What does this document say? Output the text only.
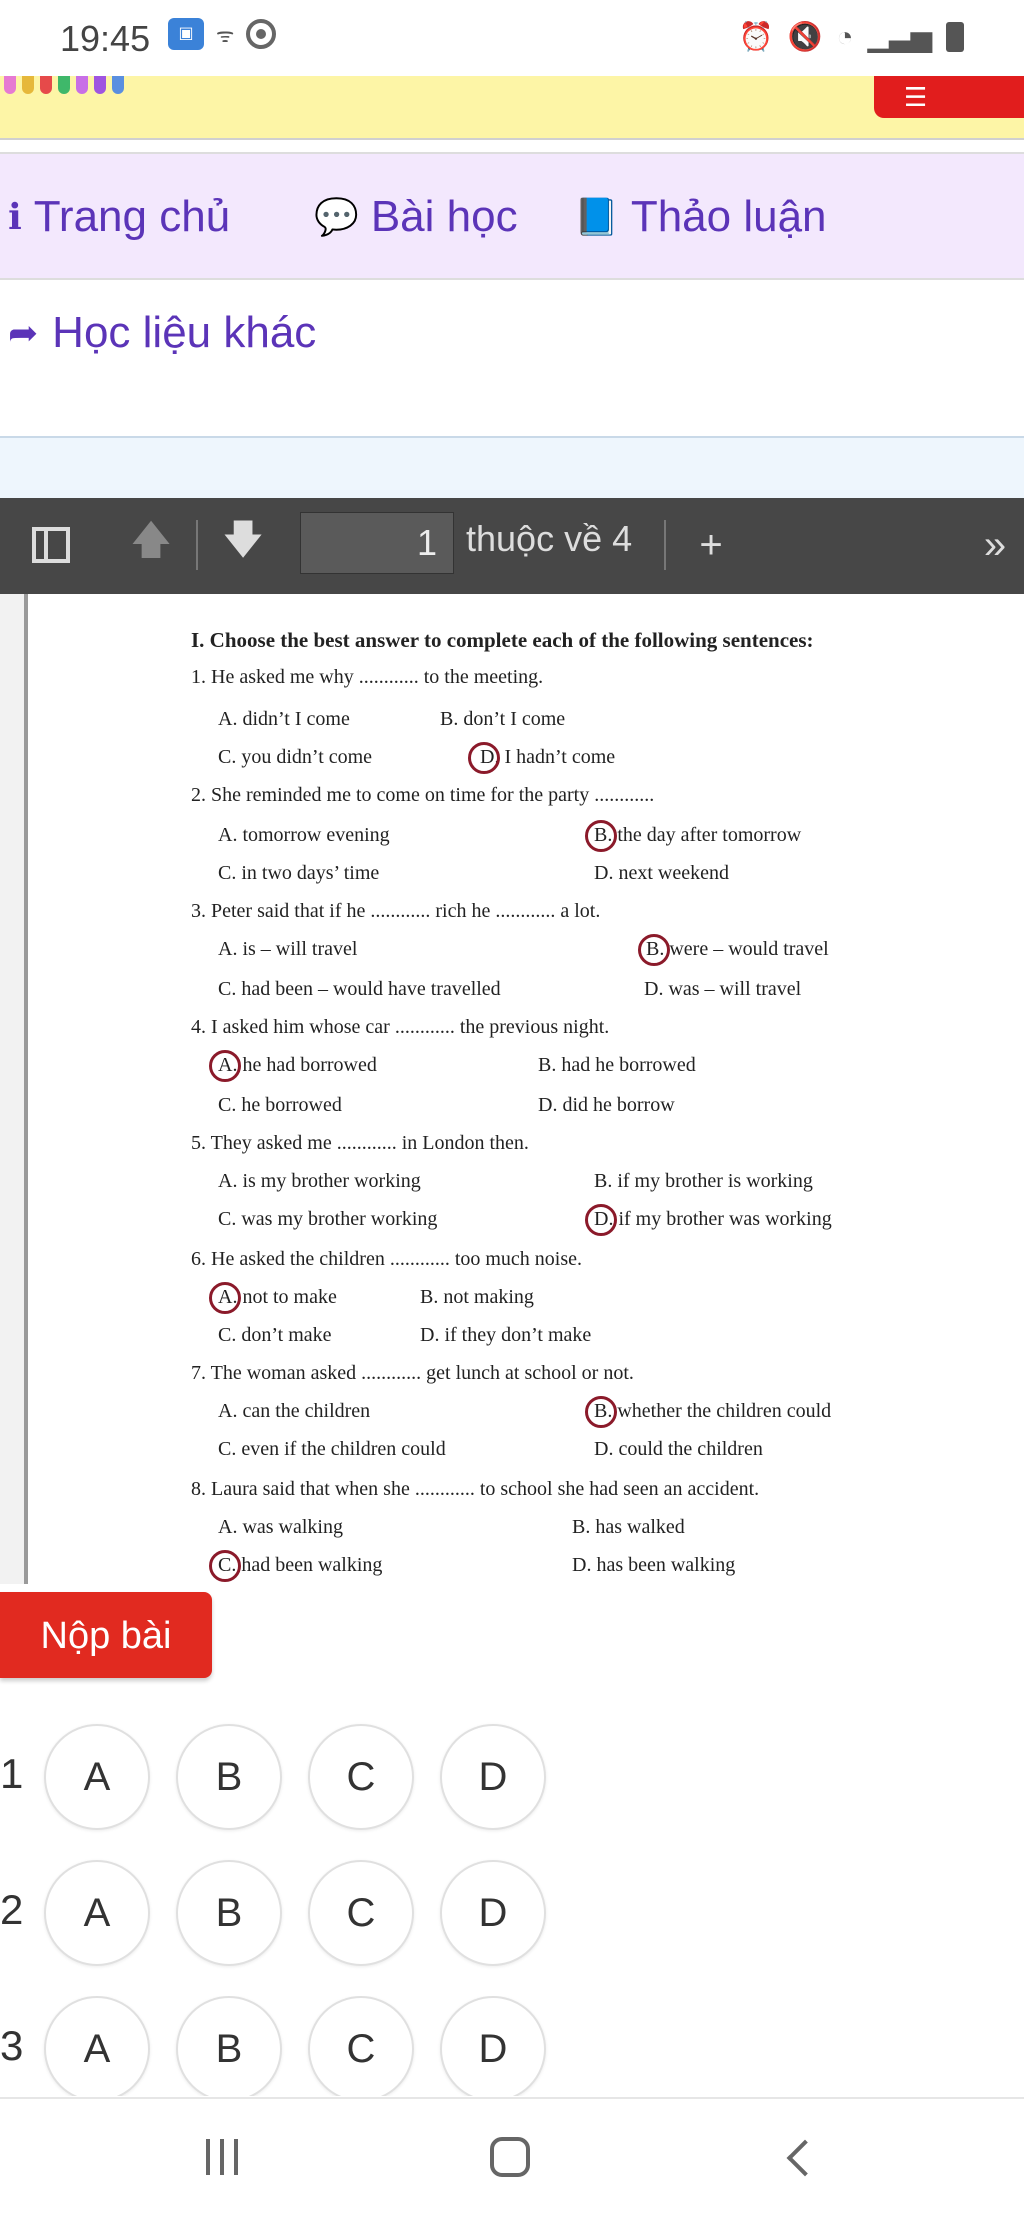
19:45	▣	ᯤ	⏰ 🔇 ◔ ▁▃▅
☰
ℹ Trang chủ 💬 Bài học 📘 Thảo luận
➦ Học liệu khác
🡅 🡇	1 thuộc về 4 +	»
I. Choose the best answer to complete each of the following sentences:
1. He asked me why ............ to the meeting.
A. didn’t I come	B. don’t I come
C. you didn’t come	D. I hadn’t come
2. She reminded me to come on time for the party ............
A. tomorrow evening	B. the day after tomorrow
C. in two days’ time	D. next weekend
3. Peter said that if he ............ rich he ............ a lot.
A. is – will travel	B. were – would travel
C. had been – would have travelled	D. was – will travel
4. I asked him whose car ............ the previous night.
A. he had borrowed	B. had he borrowed
C. he borrowed	D. did he borrow
5. They asked me ............ in London then.
A. is my brother working	B. if my brother is working
C. was my brother working	D. if my brother was working
6. He asked the children ............ too much noise.
A. not to make	B. not making
C. don’t make	D. if they don’t make
7. The woman asked ............ get lunch at school or not.
A. can the children	B. whether the children could
C. even if the children could	D. could the children
8. Laura said that when she ............ to school she had seen an accident.
A. was walking	B. has walked
C. had been walking	D. has been walking
Nộp bài
1	A	B	C	D
2	A	B	C	D
3	A	B	C	D
